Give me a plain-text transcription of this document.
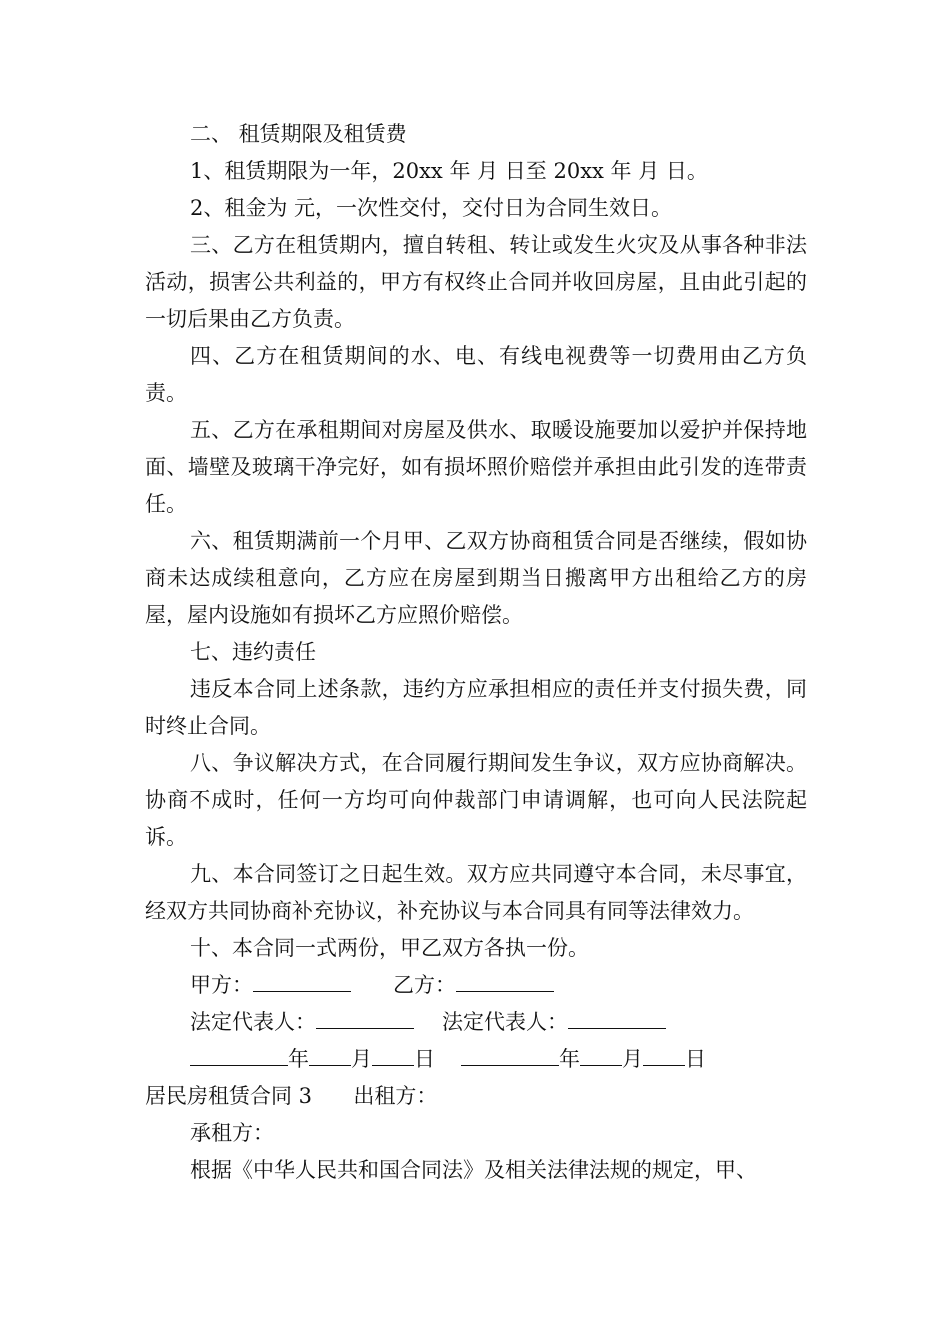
二、 租赁期限及租赁费

1、租赁期限为一年，20xx 年 月 日至 20xx 年 月 日。

2、租金为 元，一次性交付，交付日为合同生效日。

三、乙方在租赁期内，擅自转租、转让或发生火灾及从事各种非法活动，损害公共利益的，甲方有权终止合同并收回房屋，且由此引起的一切后果由乙方负责。

四、乙方在租赁期间的水、电、有线电视费等一切费用由乙方负责。

五、乙方在承租期间对房屋及供水、取暖设施要加以爱护并保持地面、墙壁及玻璃干净完好，如有损坏照价赔偿并承担由此引发的连带责任。

六、租赁期满前一个月甲、乙双方协商租赁合同是否继续，假如协商未达成续租意向，乙方应在房屋到期当日搬离甲方出租给乙方的房屋，屋内设施如有损坏乙方应照价赔偿。

七、违约责任

违反本合同上述条款，违约方应承担相应的责任并支付损失费，同时终止合同。

八、争议解决方式，在合同履行期间发生争议，双方应协商解决。协商不成时，任何一方均可向仲裁部门申请调解，也可向人民法院起诉。

九、本合同签订之日起生效。双方应共同遵守本合同，未尽事宜，经双方共同协商补充协议，补充协议与本合同具有同等法律效力。

十、本合同一式两份，甲乙双方各执一份。

甲方：	乙方：
法定代表人：	法定代表人：
年 月 日	年 月 日
居民房租赁合同 3 出租方：

承租方：

根据《中华人民共和国合同法》及相关法律法规的规定，甲、
